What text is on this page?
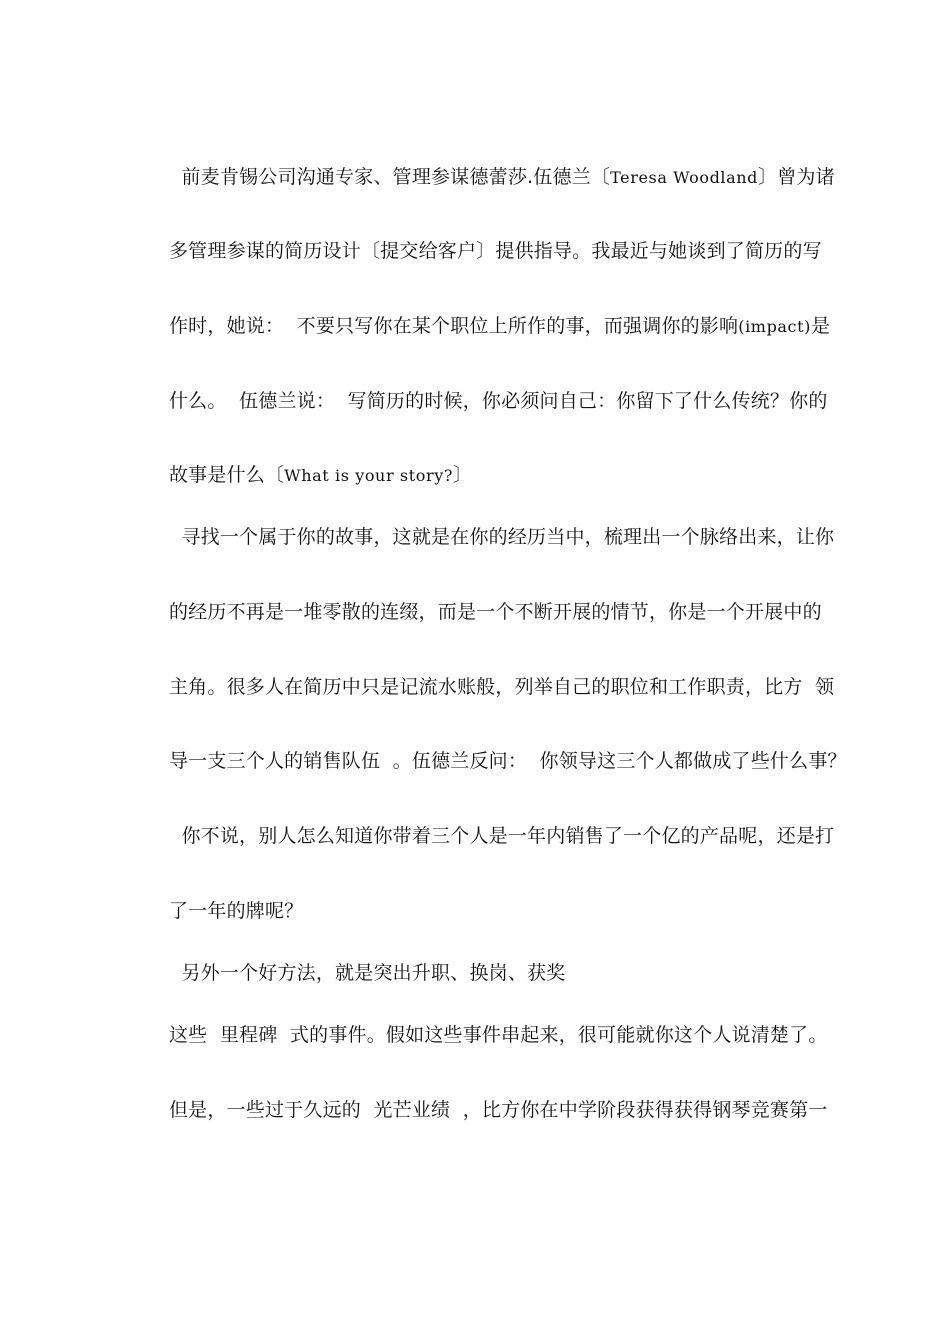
前麦肯锡公司沟通专家、管理参谋德蕾莎.伍德兰〔Teresa Woodland〕曾为诸

多管理参谋的简历设计〔提交给客户〕提供指导。我最近与她谈到了简历的写

作时，她说：  不要只写你在某个职位上所作的事，而强调你的影响(impact)是

什么。  伍德兰说：  写简历的时候，你必须问自己：你留下了什么传统？你的

故事是什么〔What is your story?〕

寻找一个属于你的故事，这就是在你的经历当中，梳理出一个脉络出来，让你

的经历不再是一堆零散的连缀，而是一个不断开展的情节，你是一个开展中的

主角。很多人在简历中只是记流水账般，列举自己的职位和工作职责，比方  领

导一支三个人的销售队伍  。伍德兰反问：  你领导这三个人都做成了些什么事？

你不说，别人怎么知道你带着三个人是一年内销售了一个亿的产品呢，还是打

了一年的牌呢？

另外一个好方法，就是突出升职、换岗、获奖

这些  里程碑  式的事件。假如这些事件串起来，很可能就你这个人说清楚了。

但是，一些过于久远的  光芒业绩  ，比方你在中学阶段获得获得钢琴竞赛第一
